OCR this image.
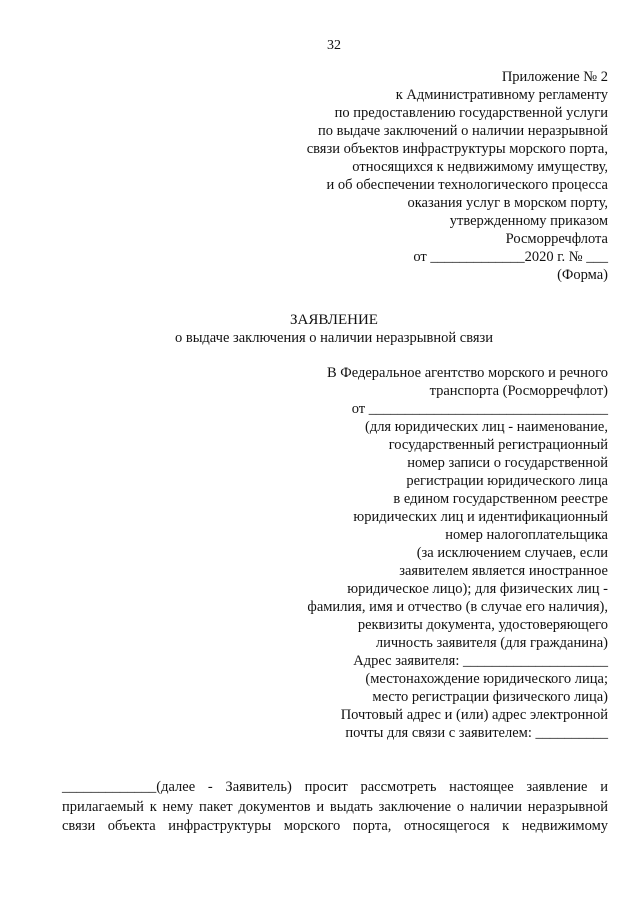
32
Приложение № 2
к Административному регламенту
по предоставлению государственной услуги
по выдаче заключений о наличии неразрывной
связи объектов инфраструктуры морского порта,
относящихся к недвижимому имуществу,
и об обеспечении технологического процесса
оказания услуг в морском порту,
утвержденному приказом
Росморречфлота
от _____________2020 г. № ___
(Форма)
ЗАЯВЛЕНИЕ
о выдаче заключения о наличии неразрывной связи
В Федеральное агентство морского и речного
транспорта (Росморречфлот)
от _________________________________
(для юридических лиц - наименование,
государственный регистрационный
номер записи о государственной
регистрации юридического лица
в едином государственном реестре
юридических лиц и идентификационный
номер налогоплательщика
(за исключением случаев, если
заявителем является иностранное
юридическое лицо); для физических лиц -
фамилия, имя и отчество (в случае его наличия),
реквизиты документа, удостоверяющего
личность заявителя (для гражданина)
Адрес заявителя: ____________________
(местонахождение юридического лица;
место регистрации физического лица)
Почтовый адрес и (или) адрес электронной
почты для связи с заявителем: __________
_____________(далее - Заявитель) просит рассмотреть настоящее заявление и
прилагаемый к нему пакет документов и выдать заключение о наличии неразрывной
связи объекта инфраструктуры морского порта, относящегося к недвижимому
